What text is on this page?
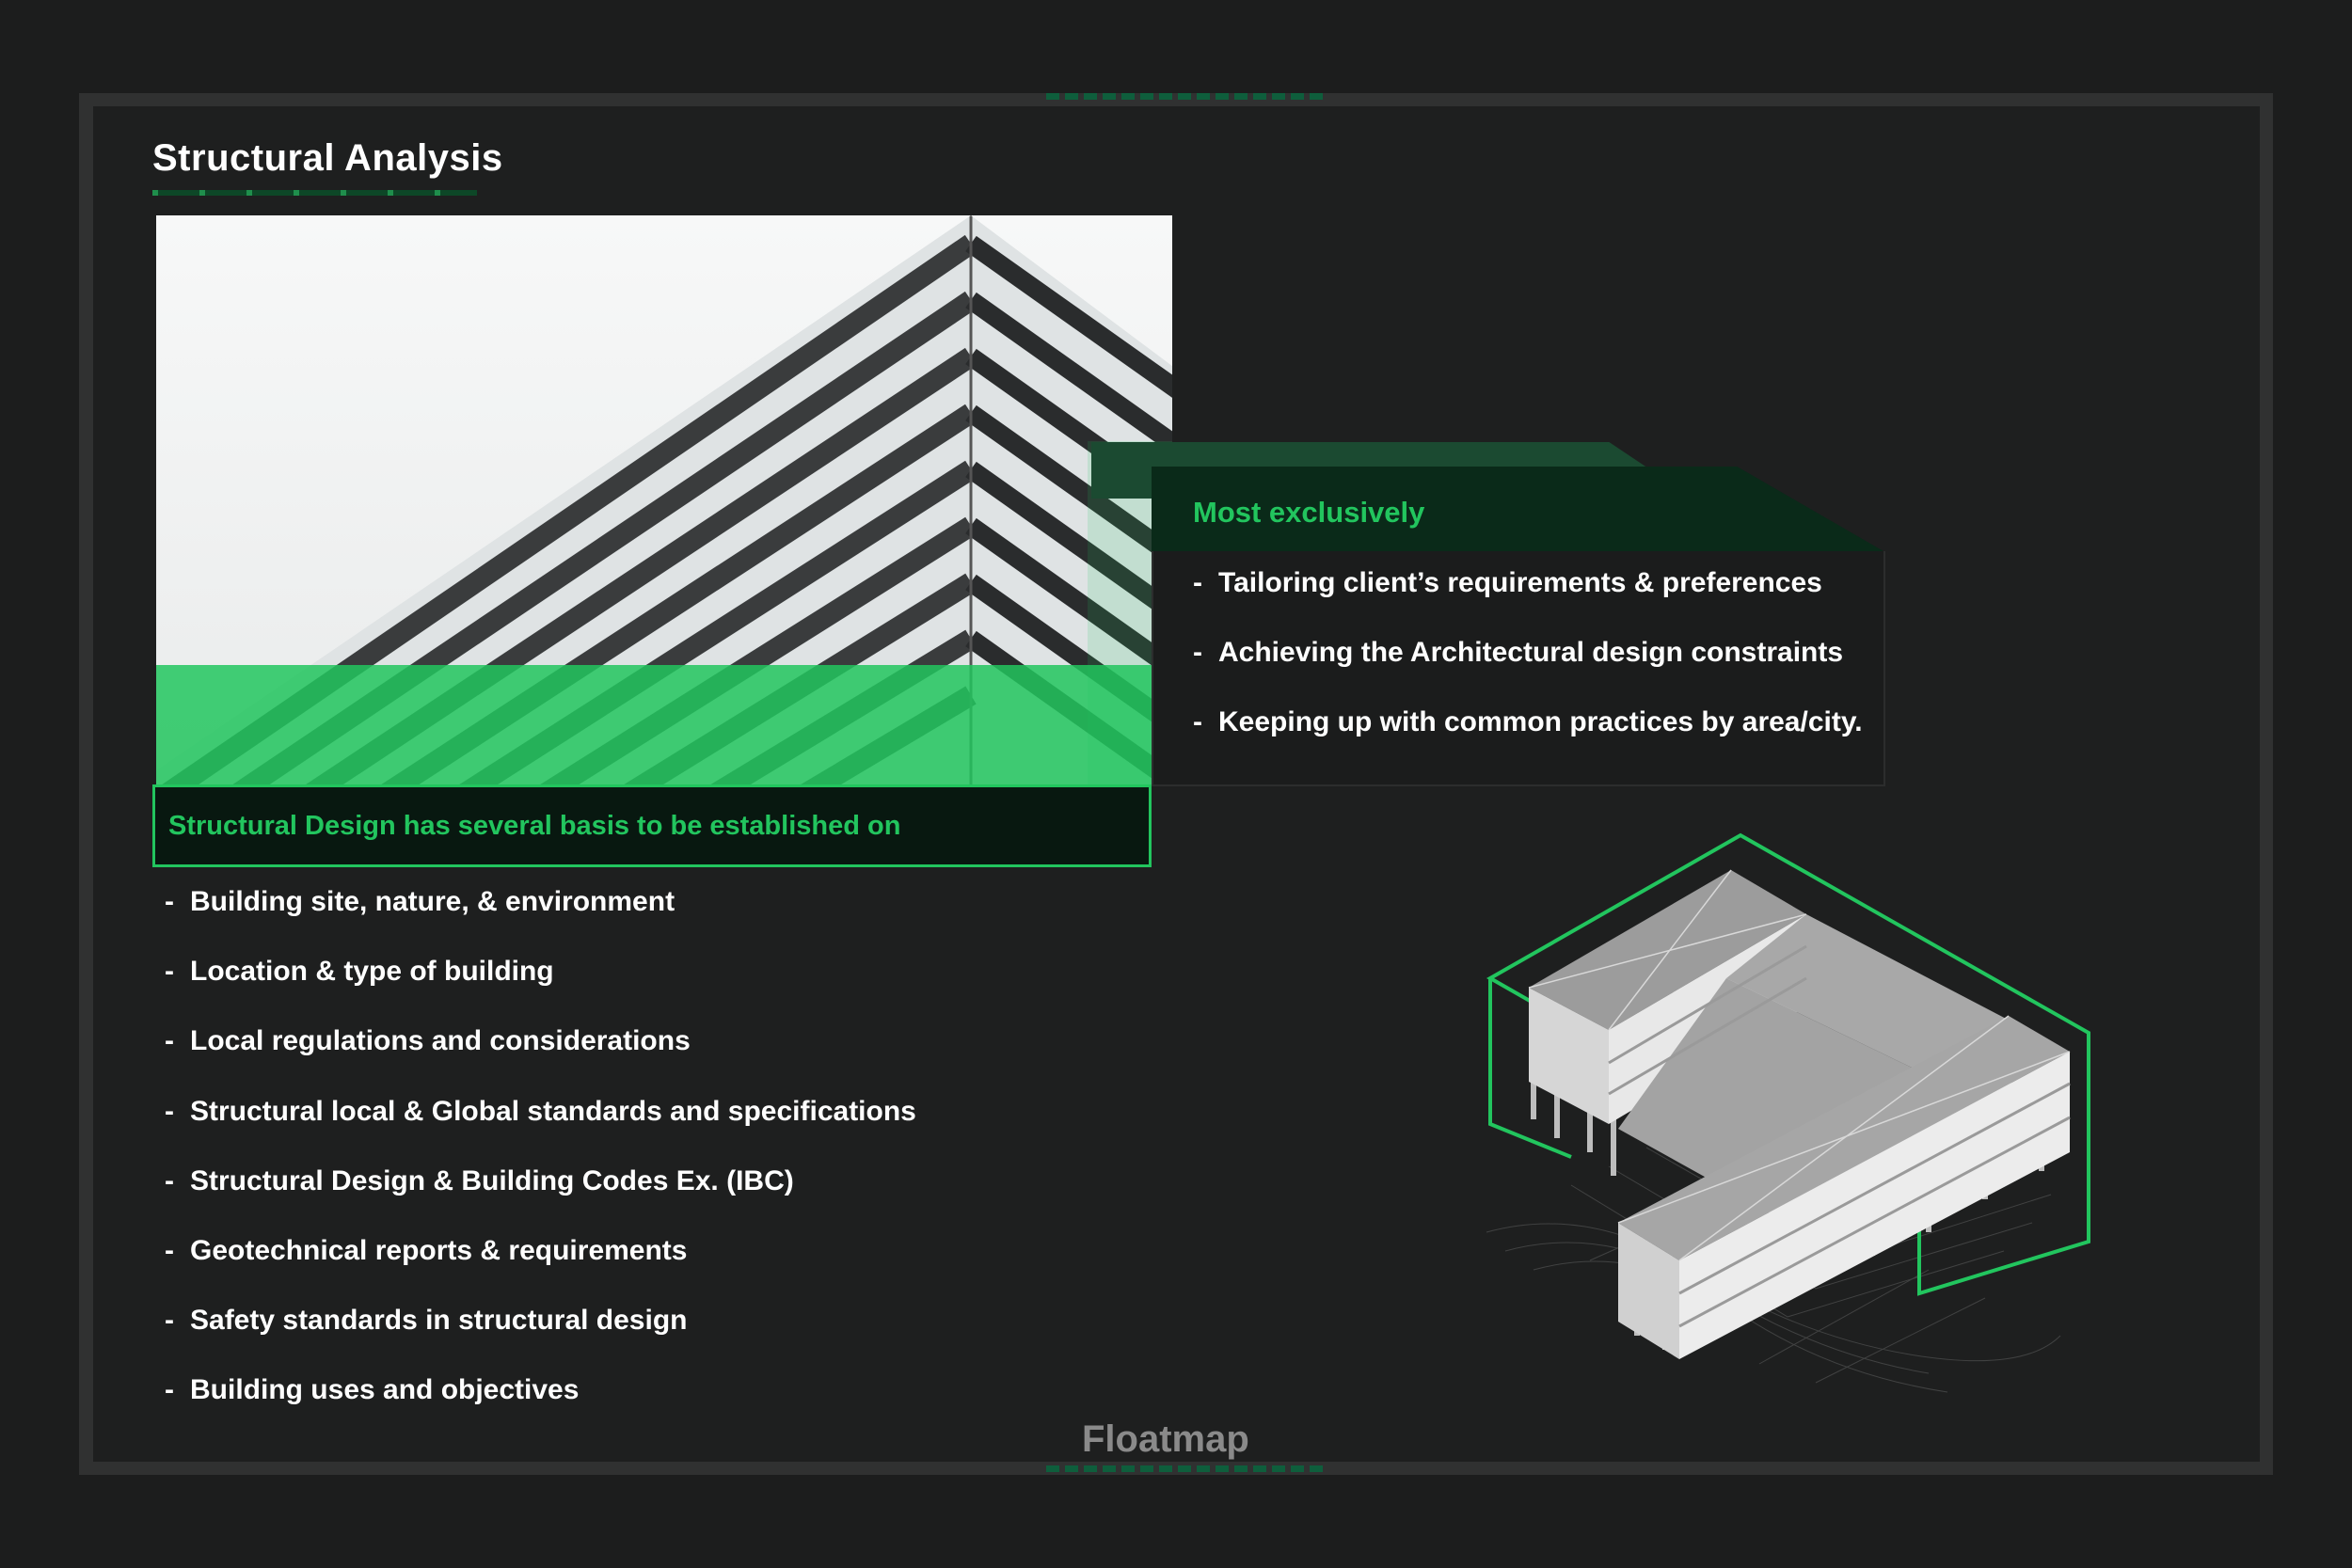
Structural Analysis
Structural Design has several basis to be established on
- Building site, nature, & environment
- Location & type of building
- Local regulations and considerations
- Structural local & Global standards and specifications
- Structural Design & Building Codes Ex. (IBC)
- Geotechnical reports & requirements
- Safety standards in structural design
- Building uses and objectives
Most exclusively
- Tailoring client’s requirements & preferences
- Achieving the Architectural design constraints
- Keeping up with common practices by area/city.
Floatmap
